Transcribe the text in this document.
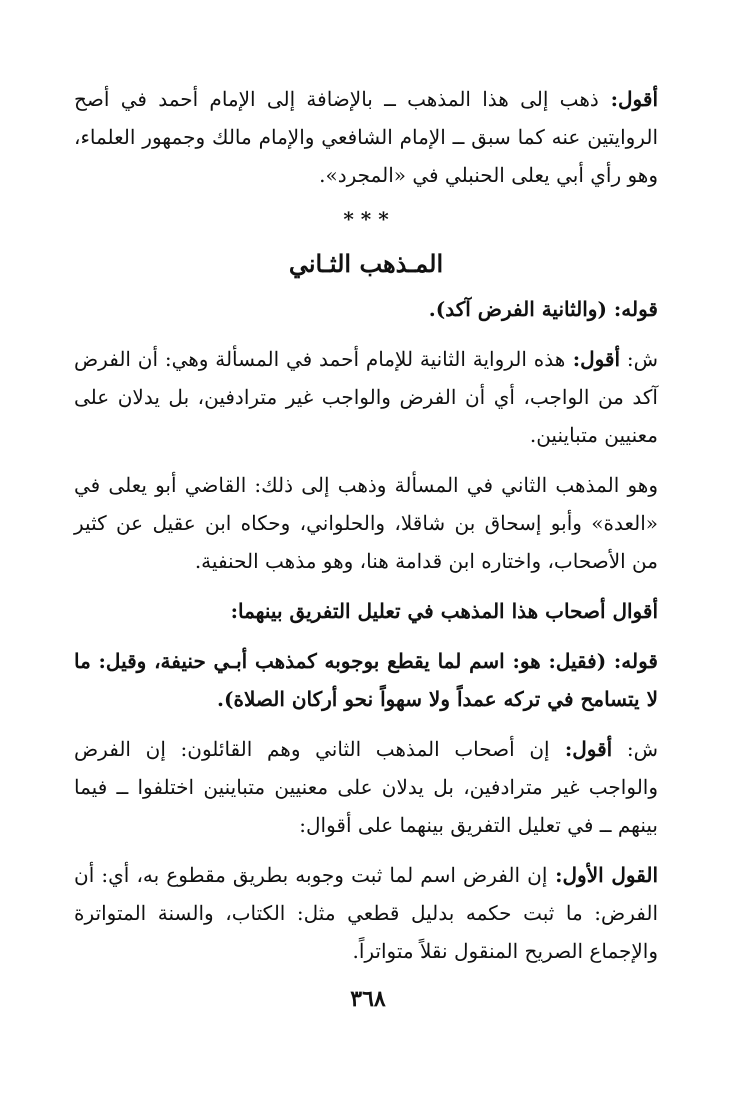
أقول: ذهب إلى هذا المذهب ــ بالإضافة إلى الإمام أحمد في أصح الروايتين عنه كما سبق ــ الإمام الشافعي والإمام مالك وجمهور العلماء، وهو رأي أبي يعلى الحنبلي في «المجرد».

* * *
المـذهب الثـاني

قوله: (والثانية الفرض آكد).

ش: أقول: هذه الرواية الثانية للإمام أحمد في المسألة وهي: أن الفرض آكد من الواجب، أي أن الفرض والواجب غير مترادفين، بل يدلان على معنيين متباينين.

وهو المذهب الثاني في المسألة وذهب إلى ذلك: القاضي أبو يعلى في «العدة» وأبو إسحاق بن شاقلا، والحلواني، وحكاه ابن عقيل عن كثير من الأصحاب، واختاره ابن قدامة هنا، وهو مذهب الحنفية.

أقوال أصحاب هذا المذهب في تعليل التفريق بينهما:

قوله: (فقيل: هو: اسم لما يقطع بوجوبه كمذهب أبـي حنيفة، وقيل: ما لا يتسامح في تركه عمداً ولا سهواً نحو أركان الصلاة).

ش: أقول: إن أصحاب المذهب الثاني وهم القائلون: إن الفرض والواجب غير مترادفين، بل يدلان على معنيين متباينين اختلفوا ــ فيما بينهم ــ في تعليل التفريق بينهما على أقوال:

القول الأول: إن الفرض اسم لما ثبت وجوبه بطريق مقطوع به، أي: أن الفرض: ما ثبت حكمه بدليل قطعي مثل: الكتاب، والسنة المتواترة والإجماع الصريح المنقول نقلاً متواتراً.

٣٦٨
